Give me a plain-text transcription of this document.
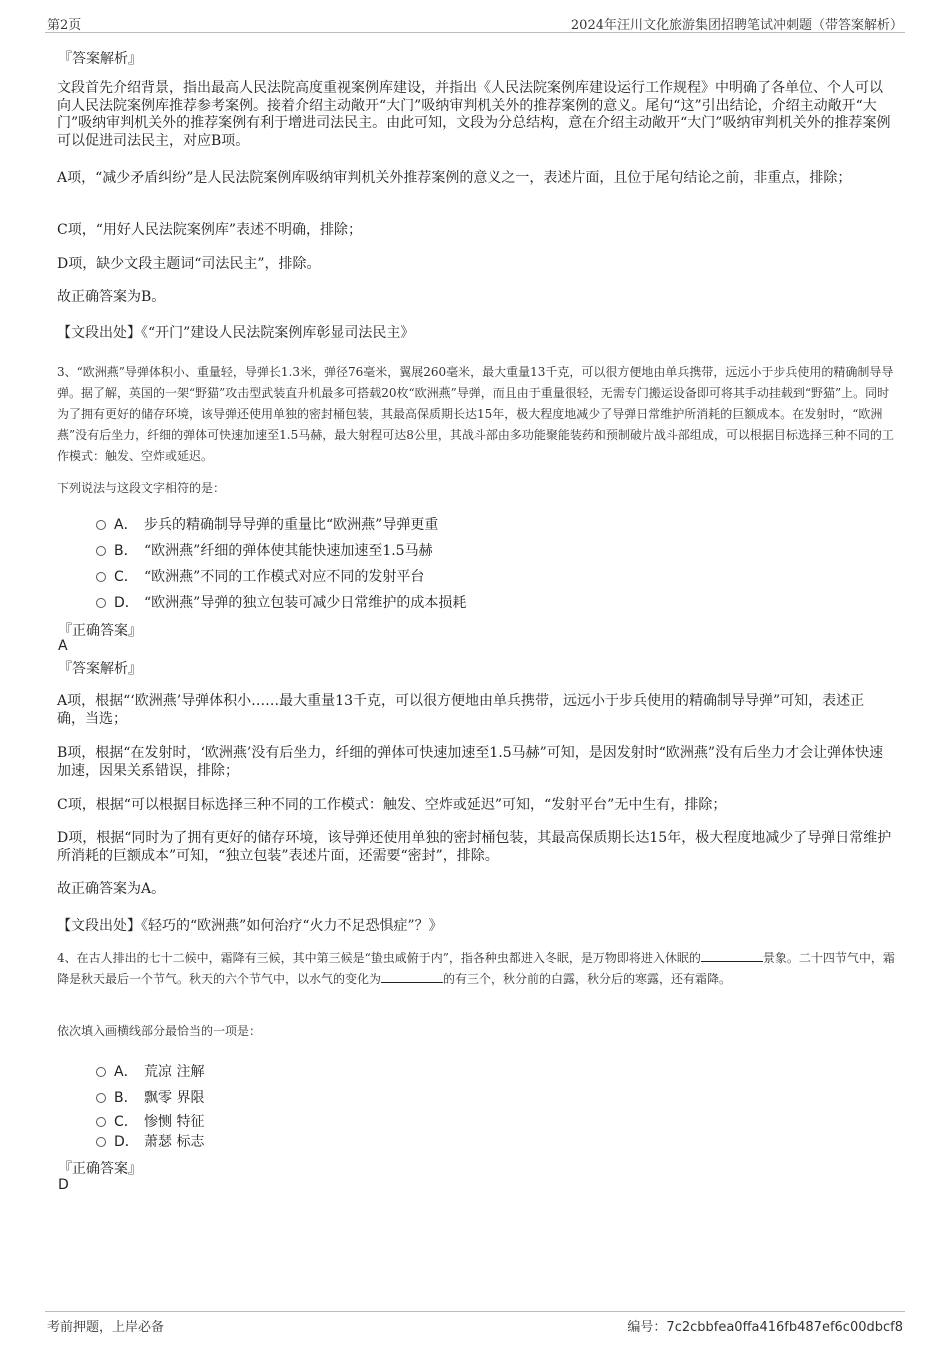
第2页	2024年汪川文化旅游集团招聘笔试冲刺题（带答案解析）
『答案解析』
文段首先介绍背景，指出最高人民法院高度重视案例库建设，并指出《人民法院案例库建设运行工作规程》中明确了各单位、个人可以向人民法院案例库推荐参考案例。接着介绍主动敞开“大门”吸纳审判机关外的推荐案例的意义。尾句“这”引出结论，介绍主动敞开“大门”吸纳审判机关外的推荐案例有利于增进司法民主。由此可知，文段为分总结构，意在介绍主动敞开“大门”吸纳审判机关外的推荐案例可以促进司法民主，对应B项。
A项，“减少矛盾纠纷”是人民法院案例库吸纳审判机关外推荐案例的意义之一，表述片面，且位于尾句结论之前，非重点，排除；
C项，“用好人民法院案例库”表述不明确，排除；
D项，缺少文段主题词“司法民主”，排除。
故正确答案为B。
【文段出处】《“开门”建设人民法院案例库彰显司法民主》
3、“欧洲燕”导弹体积小、重量轻，导弹长1.3米，弹径76毫米，翼展260毫米，最大重量13千克，可以很方便地由单兵携带，远远小于步兵使用的精确制导导弹。据了解，英国的一架“野猫”攻击型武装直升机最多可搭载20枚“欧洲燕”导弹，而且由于重量很轻，无需专门搬运设备即可将其手动挂载到“野猫”上。同时为了拥有更好的储存环境，该导弹还使用单独的密封桶包装，其最高保质期长达15年，极大程度地减少了导弹日常维护所消耗的巨额成本。在发射时，“欧洲燕”没有后坐力，纤细的弹体可快速加速至1.5马赫，最大射程可达8公里，其战斗部由多功能聚能装药和预制破片战斗部组成，可以根据目标选择三种不同的工作模式：触发、空炸或延迟。
下列说法与这段文字相符的是：
A． 步兵的精确制导导弹的重量比“欧洲燕”导弹更重
B． “欧洲燕”纤细的弹体使其能快速加速至1.5马赫
C． “欧洲燕”不同的工作模式对应不同的发射平台
D． “欧洲燕”导弹的独立包装可减少日常维护的成本损耗
『正确答案』
A
『答案解析』
A项，根据“‘欧洲燕’导弹体积小……最大重量13千克，可以很方便地由单兵携带，远远小于步兵使用的精确制导导弹”可知，表述正确，当选；
B项，根据“在发射时，‘欧洲燕’没有后坐力，纤细的弹体可快速加速至1.5马赫”可知，是因发射时“欧洲燕”没有后坐力才会让弹体快速加速，因果关系错误，排除；
C项，根据“可以根据目标选择三种不同的工作模式：触发、空炸或延迟”可知，“发射平台”无中生有，排除；
D项，根据“同时为了拥有更好的储存环境，该导弹还使用单独的密封桶包装，其最高保质期长达15年，极大程度地减少了导弹日常维护所消耗的巨额成本”可知，“独立包装”表述片面，还需要“密封”，排除。
故正确答案为A。
【文段出处】《轻巧的“欧洲燕”如何治疗“火力不足恐惧症”？》
4、在古人排出的七十二候中，霜降有三候，其中第三候是“蛰虫咸俯于内”，指各种虫都进入冬眠，是万物即将进入休眠的	景象。二十四节气中，霜降是秋天最后一个节气。秋天的六个节气中，以水气的变化为	的有三个，秋分前的白露，秋分后的寒露，还有霜降。
依次填入画横线部分最恰当的一项是：
A． 荒凉 注解
B． 飘零 界限
C． 惨恻 特征
D． 萧瑟 标志
『正确答案』
D
考前押题，上岸必备	编号：7c2cbbfea0ffa416fb487ef6c00dbcf8
